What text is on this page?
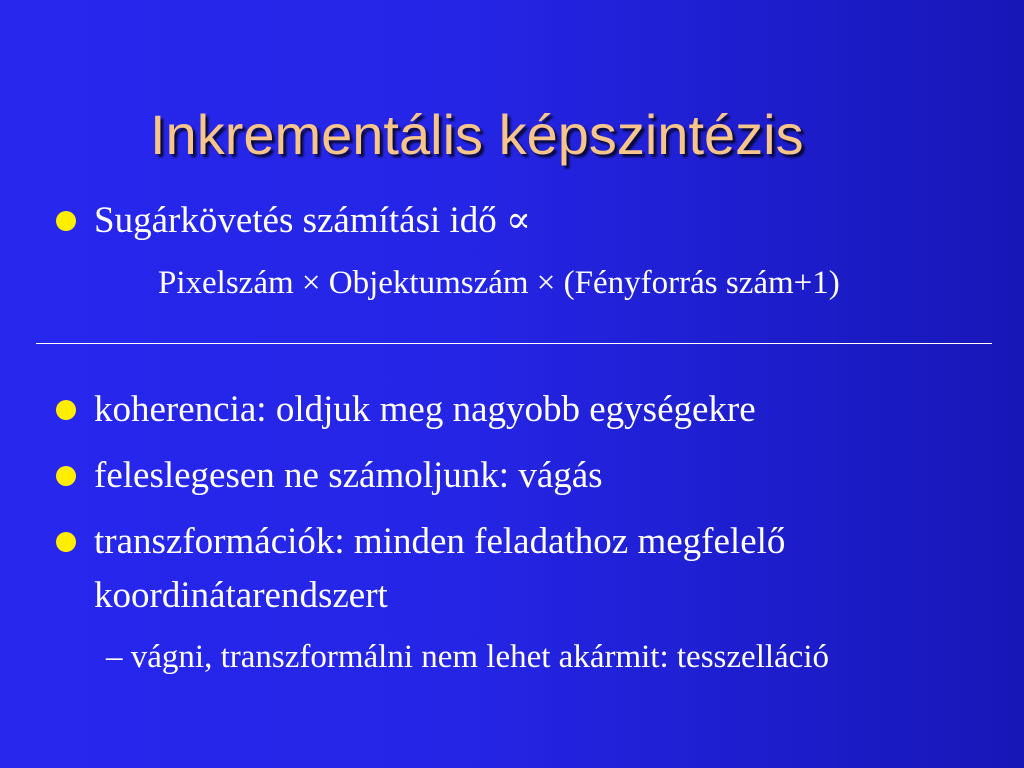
Inkrementális képszintézis
Sugárkövetés számítási idő ∝
Pixelszám × Objektumszám × (Fényforrás szám+1)
koherencia: oldjuk meg nagyobb egységekre
feleslegesen ne számoljunk: vágás
transzformációk: minden feladathoz megfelelő
koordinátarendszert
– vágni, transzformálni nem lehet akármit: tesszelláció
